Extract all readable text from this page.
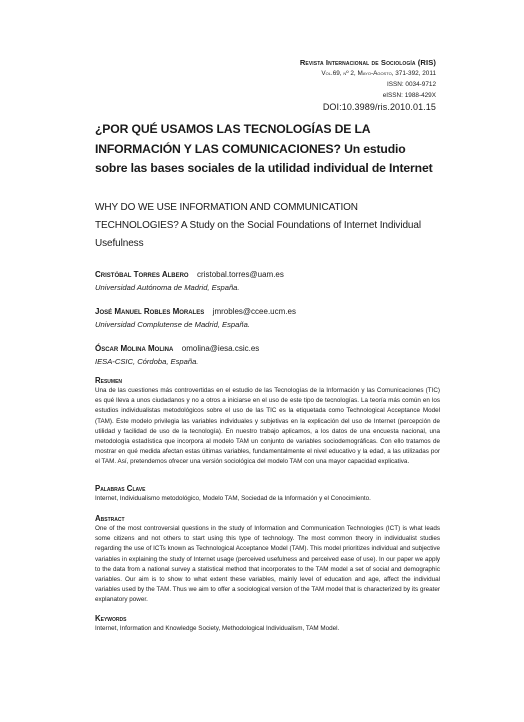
Revista Internacional de Sociología (RIS)
Vol.69, nº 2, Mayo-Agosto, 371-392, 2011
ISSN: 0034-9712
eISSN: 1988-429X
DOI:10.3989/ris.2010.01.15
¿POR QUÉ USAMOS LAS TECNOLOGÍAS DE LA INFORMACIÓN Y LAS COMUNICACIONES? Un estudio sobre las bases sociales de la utilidad individual de Internet
WHY DO WE USE INFORMATION AND COMMUNICATION TECHNOLOGIES? A Study on the Social Foundations of Internet Individual Usefulness
Cristóbal Torres Albero cristobal.torres@uam.es
Universidad Autónoma de Madrid, España.
José Manuel Robles Morales jmrobles@ccee.ucm.es
Universidad Complutense de Madrid, España.
Óscar Molina Molina omolina@iesa.csic.es
IESA-CSIC, Córdoba, España.
Resumen
Una de las cuestiones más controvertidas en el estudio de las Tecnologías de la Información y las Comunicaciones (TIC) es qué lleva a unos ciudadanos y no a otros a iniciarse en el uso de este tipo de tecnologías. La teoría más común en los estudios individualistas metodológicos sobre el uso de las TIC es la etiquetada como Technological Acceptance Model (TAM). Este modelo privilegia las variables individuales y subjetivas en la explicación del uso de Internet (percepción de utilidad y facilidad de uso de la tecnología). En nuestro trabajo aplicamos, a los datos de una encuesta nacional, una metodología estadística que incorpora al modelo TAM un conjunto de variables sociodemográficas. Con ello tratamos de mostrar en qué medida afectan estas últimas variables, fundamentalmente el nivel educativo y la edad, a las utilizadas por el TAM. Así, pretendemos ofrecer una versión sociológica del modelo TAM con una mayor capacidad explicativa.
Palabras Clave
Internet, Individualismo metodológico, Modelo TAM, Sociedad de la Información y el Conocimiento.
Abstract
One of the most controversial questions in the study of Information and Communication Technologies (ICT) is what leads some citizens and not others to start using this type of technology. The most common theory in individualist studies regarding the use of ICTs known as Technological Acceptance Model (TAM). This model prioritizes individual and subjective variables in explaining the study of Internet usage (perceived usefulness and perceived ease of use). In our paper we apply to the data from a national survey a statistical method that incorporates to the TAM model a set of social and demographic variables. Our aim is to show to what extent these variables, mainly level of education and age, affect the individual variables used by the TAM. Thus we aim to offer a sociological version of the TAM model that is characterized by its greater explanatory power.
Keywords
Internet, Information and Knowledge Society, Methodological Individualism, TAM Model.
